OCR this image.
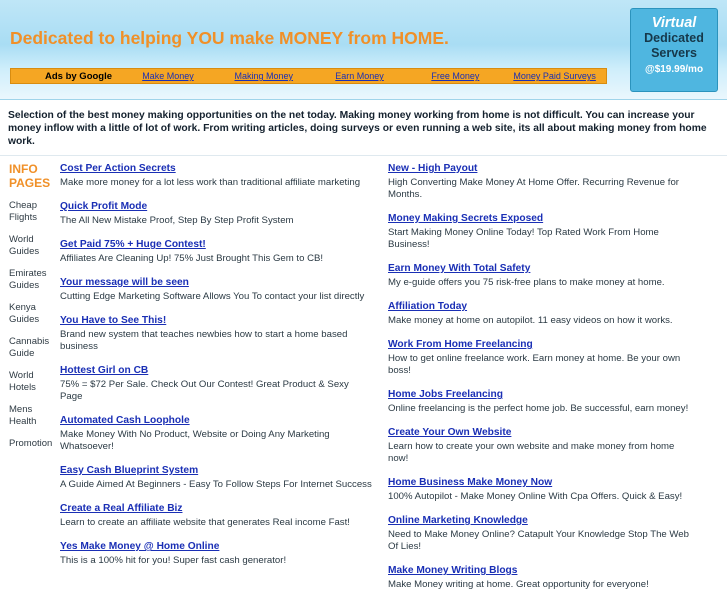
Dedicated to helping YOU make MONEY from HOME.
Ads by Google	Make Money	Making Money	Earn Money	Free Money	Money Paid Surveys
Virtual
Dedicated
Servers
@$19.99/mo
Selection of the best money making opportunities on the net today. Making money working from home is not difficult. You can increase your money inflow with a little of lot of work. From writing articles, doing surveys or even running a web site, its all about making money from home work.
INFO PAGES
Cheap Flights
World Guides
Emirates Guides
Kenya Guides
Cannabis Guide
World Hotels
Mens Health
Promotion
Cost Per Action Secrets
Make more money for a lot less work than traditional affiliate marketing
Quick Profit Mode
The All New Mistake Proof, Step By Step Profit System
Get Paid 75% + Huge Contest!
Affiliates Are Cleaning Up! 75% Just Brought This Gem to CB!
Your message will be seen
Cutting Edge Marketing Software Allows You To contact your list directly
You Have to See This!
Brand new system that teaches newbies how to start a home based business
Hottest Girl on CB
75% = $72 Per Sale. Check Out Our Contest! Great Product & Sexy Page
Automated Cash Loophole
Make Money With No Product, Website or Doing Any Marketing Whatsoever!
Easy Cash Blueprint System
A Guide Aimed At Beginners - Easy To Follow Steps For Internet Success
Create a Real Affiliate Biz
Learn to create an affiliate website that generates Real income Fast!
Yes Make Money @ Home Online
This is a 100% hit for you! Super fast cash generator!
New - High Payout
High Converting Make Money At Home Offer. Recurring Revenue for Months.
Money Making Secrets Exposed
Start Making Money Online Today! Top Rated Work From Home Business!
Earn Money With Total Safety
My e-guide offers you 75 risk-free plans to make money at home.
Affiliation Today
Make money at home on autopilot. 11 easy videos on how it works.
Work From Home Freelancing
How to get online freelance work. Earn money at home. Be your own boss!
Home Jobs Freelancing
Online freelancing is the perfect home job. Be successful, earn money!
Create Your Own Website
Learn how to create your own website and make money from home now!
Home Business Make Money Now
100% Autopilot - Make Money Online With Cpa Offers. Quick & Easy!
Online Marketing Knowledge
Need to Make Money Online? Catapult Your Knowledge Stop The Web Of Lies!
Make Money Writing Blogs
Make Money writing at home. Great opportunity for everyone!
